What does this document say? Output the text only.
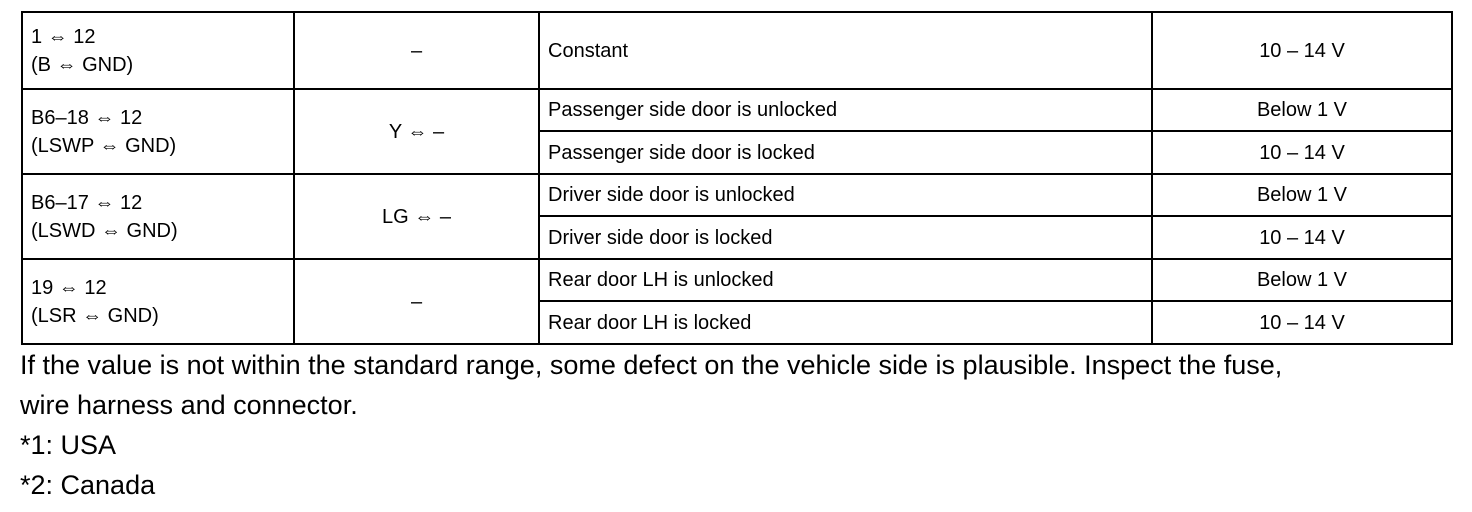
1 ⇔ 12
(B ⇔ GND)	–	Constant	10 – 14 V

B6–18 ⇔ 12
(LSWP ⇔ GND)	Y ⇔ –	Passenger side door is unlocked	Below 1 V
		Passenger side door is locked	10 – 14 V

B6–17 ⇔ 12
(LSWD ⇔ GND)	LG ⇔ –	Driver side door is unlocked	Below 1 V
		Driver side door is locked	10 – 14 V

19 ⇔ 12
(LSR ⇔ GND)	–	Rear door LH is unlocked	Below 1 V
		Rear door LH is locked	10 – 14 V
If the value is not within the standard range, some defect on the vehicle side is plausible. Inspect the fuse,
wire harness and connector.
*1: USA
*2: Canada
